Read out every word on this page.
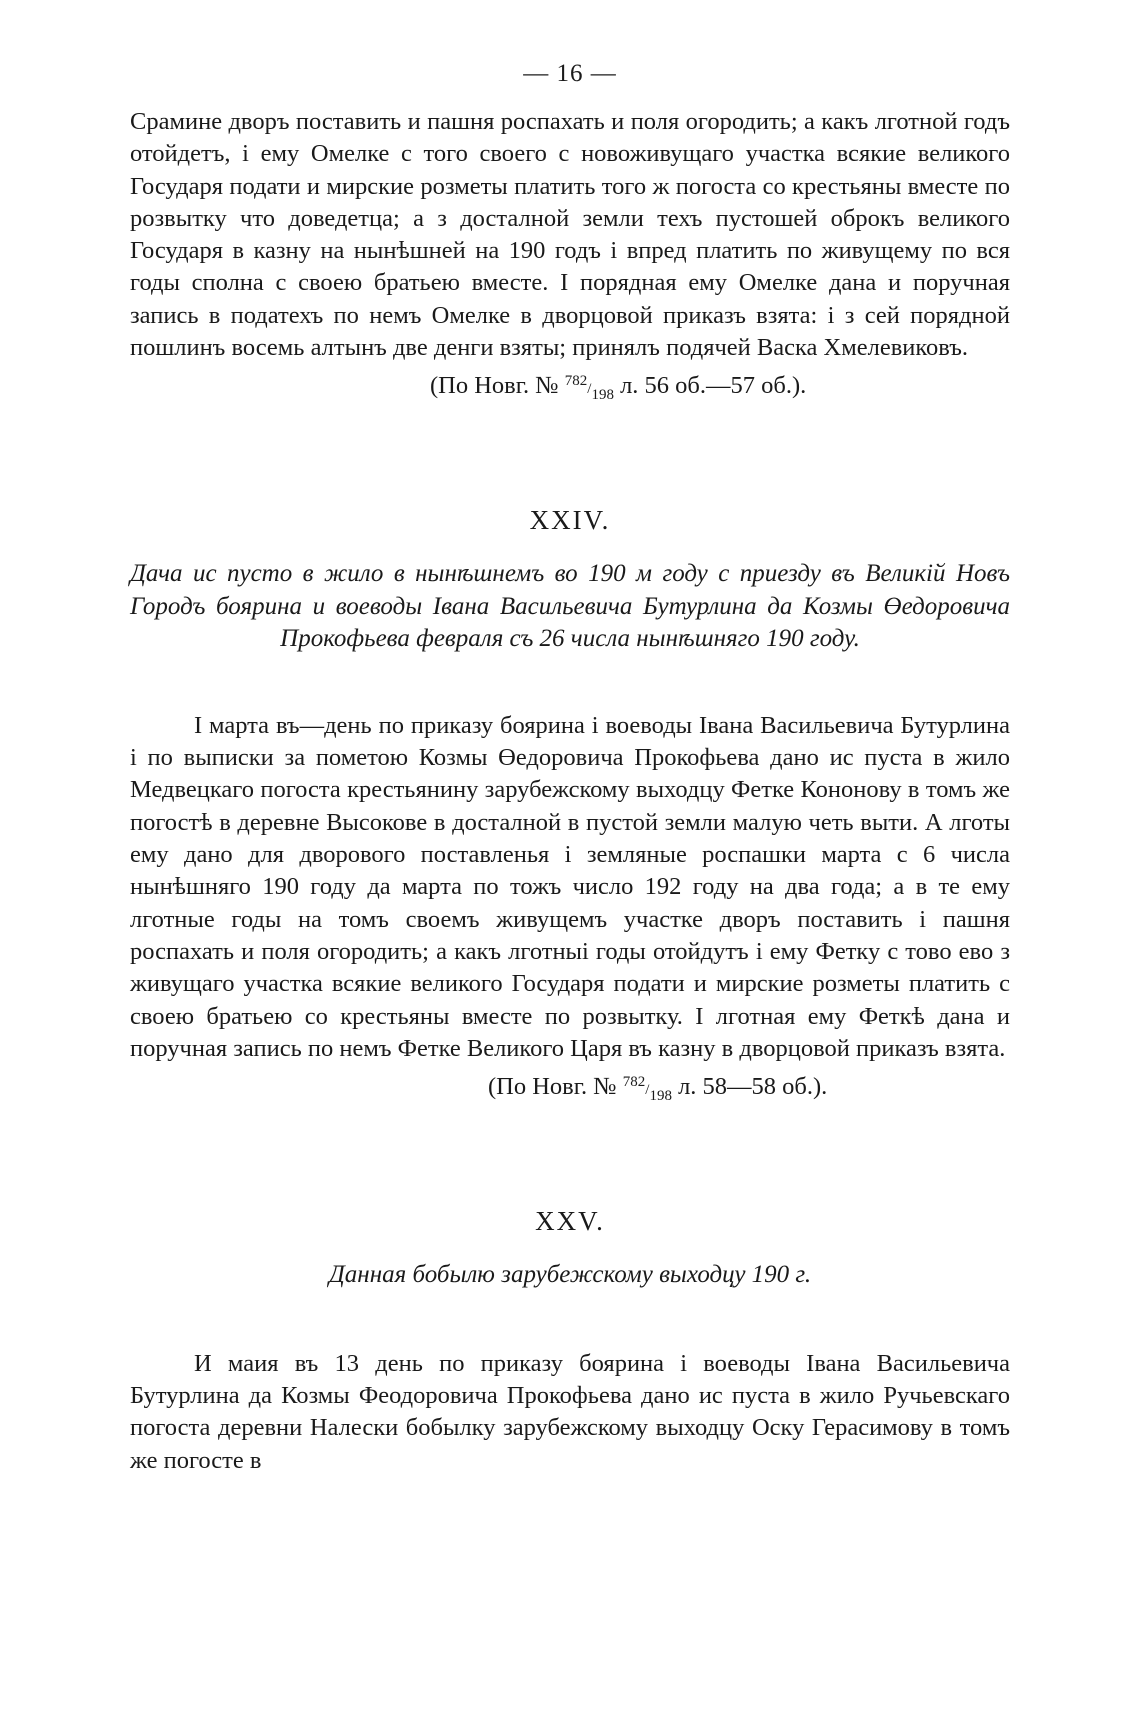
— 16 —

Срамине дворъ поставить и пашня роспахать и поля огородить; а какъ лготной годъ отойдетъ, і ему Омелке с того своего с новоживущаго участка всякие великого Государя подати и мирские розметы платить того ж погоста со крестьяны вместе по розвытку что доведетца; а з досталной земли техъ пустошей оброкъ великого Государя в казну на нынѣшней на 190 годъ і впред платить по живущему по вся годы сполна с своею братьею вместе. І порядная ему Омелке дана и поручная запись в податехъ по немъ Омелке в дворцовой приказъ взята: і з сей порядной пошлинъ восемь алтынъ две денги взяты; принялъ подячей Васка Хмелевиковъ.

(По Новг. № 782/198 л. 56 об.—57 об.).
XXIV.
Дача ис пусто в жило в нынѣшнемъ во 190 м году с приезду въ Великій Новъ Городъ боярина и воеводы Івана Васильевича Бутурлина да Козмы Өедоровича Прокофьева февраля съ 26 числа нынѣшняго 190 году.

І марта въ—день по приказу боярина і воеводы Івана Васильевича Бутурлина і по выписки за пометою Козмы Өедоровича Прокофьева дано ис пуста в жило Медвецкаго погоста крестьянину зарубежскому выходцу Фетке Кононову в томъ же погостѣ в деревне Высокове в досталной в пустой земли малую четь выти. А лготы ему дано для дворового поставленья і земляные роспашки марта с 6 числа нынѣшняго 190 году да марта по тожъ число 192 году на два года; а в те ему лготные годы на томъ своемъ живущемъ участке дворъ поставить і пашня роспахать и поля огородить; а какъ лготныі годы отойдутъ і ему Фетку с тово ево з живущаго участка всякие великого Государя подати и мирские розметы платить с своею братьею со крестьяны вместе по розвытку. І лготная ему Феткѣ дана и поручная запись по немъ Фетке Великого Царя въ казну в дворцовой приказъ взята.

(По Новг. № 782/198 л. 58—58 об.).
XXV.
Данная бобылю зарубежскому выходцу 190 г.

И маия въ 13 день по приказу боярина і воеводы Івана Васильевича Бутурлина да Козмы Феодоровича Прокофьева дано ис пуста в жило Ручьевскаго погоста деревни Налески бобылку зарубежскому выходцу Оску Герасимову в томъ же погосте в
